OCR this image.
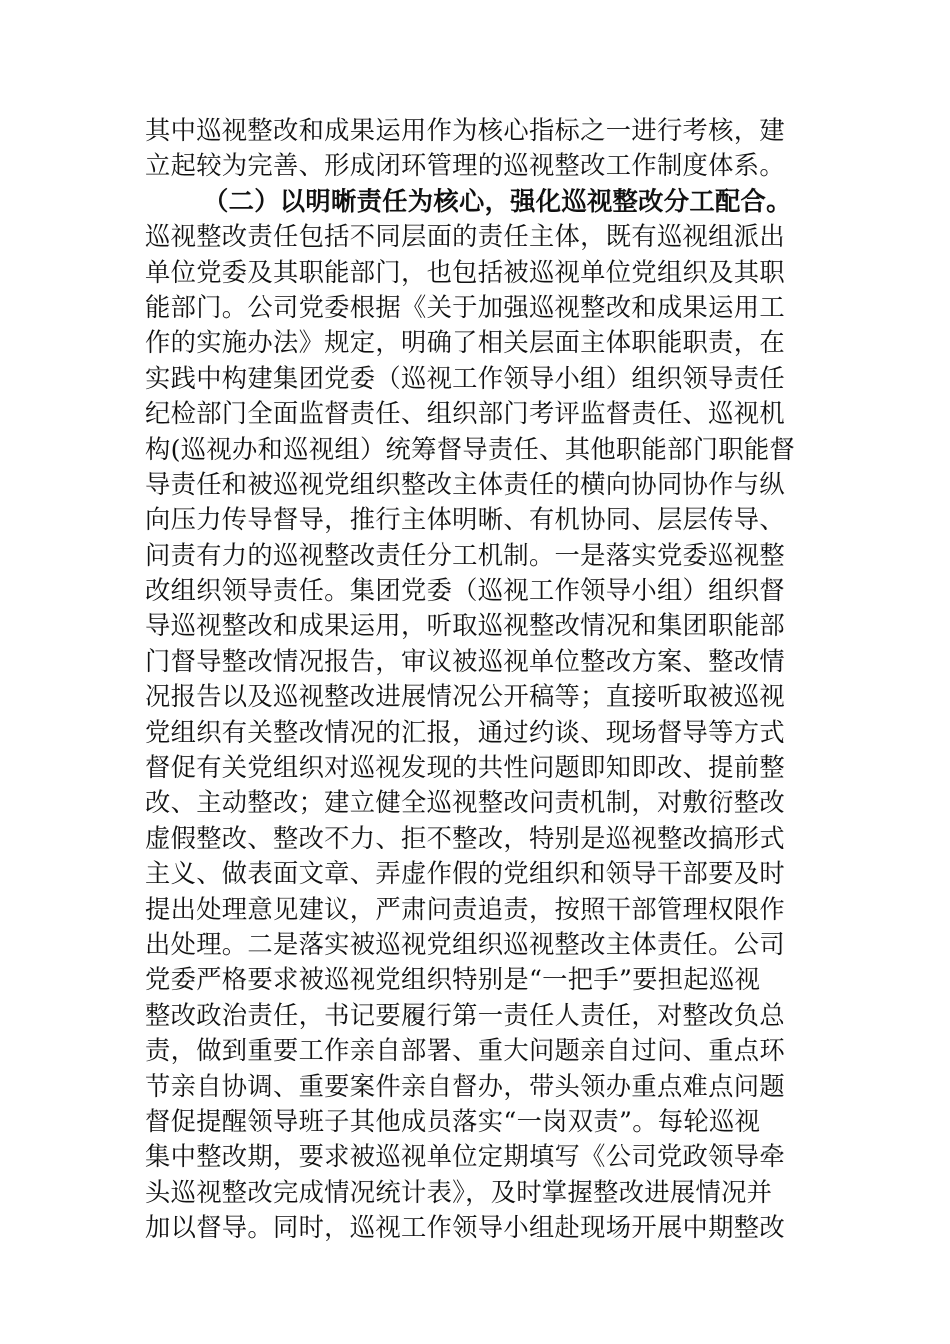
其中巡视整改和成果运用作为核心指标之一进行考核，建
立起较为完善、形成闭环管理的巡视整改工作制度体系。
（二）以明晰责任为核心，强化巡视整改分工配合。
巡视整改责任包括不同层面的责任主体，既有巡视组派出
单位党委及其职能部门，也包括被巡视单位党组织及其职
能部门。公司党委根据《关于加强巡视整改和成果运用工
作的实施办法》规定，明确了相关层面主体职能职责，在
实践中构建集团党委（巡视工作领导小组）组织领导责任
纪检部门全面监督责任、组织部门考评监督责任、巡视机
构(巡视办和巡视组）统筹督导责任、其他职能部门职能督
导责任和被巡视党组织整改主体责任的横向协同协作与纵
向压力传导督导，推行主体明晰、有机协同、层层传导、
问责有力的巡视整改责任分工机制。一是落实党委巡视整
改组织领导责任。集团党委（巡视工作领导小组）组织督
导巡视整改和成果运用，听取巡视整改情况和集团职能部
门督导整改情况报告，审议被巡视单位整改方案、整改情
况报告以及巡视整改进展情况公开稿等；直接听取被巡视
党组织有关整改情况的汇报，通过约谈、现场督导等方式
督促有关党组织对巡视发现的共性问题即知即改、提前整
改、主动整改；建立健全巡视整改问责机制，对敷衍整改
虚假整改、整改不力、拒不整改，特别是巡视整改搞形式
主义、做表面文章、弄虚作假的党组织和领导干部要及时
提出处理意见建议，严肃问责追责，按照干部管理权限作
出处理。二是落实被巡视党组织巡视整改主体责任。公司
党委严格要求被巡视党组织特别是“一把手”要担起巡视
整改政治责任，书记要履行第一责任人责任，对整改负总
责，做到重要工作亲自部署、重大问题亲自过问、重点环
节亲自协调、重要案件亲自督办，带头领办重点难点问题
督促提醒领导班子其他成员落实“一岗双责”。每轮巡视
集中整改期，要求被巡视单位定期填写《公司党政领导牵
头巡视整改完成情况统计表》，及时掌握整改进展情况并
加以督导。同时，巡视工作领导小组赴现场开展中期整改
